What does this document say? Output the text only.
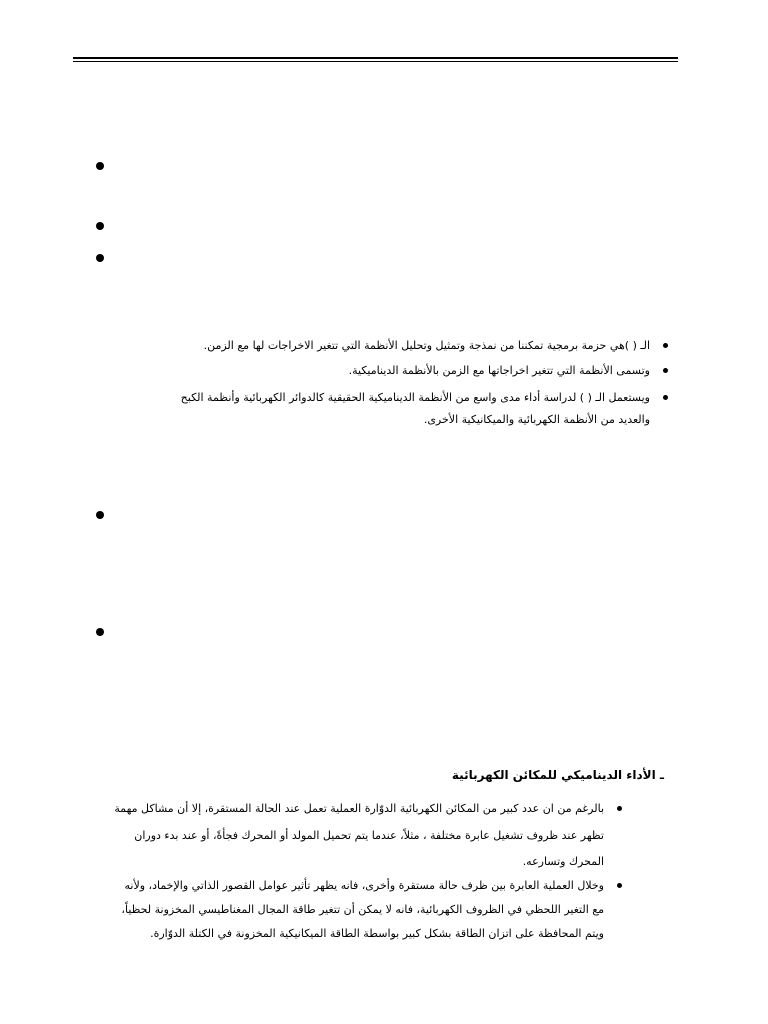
الـ ( )هي حزمة برمجية تمكننا من نمذجة وتمثيل وتحليل الأنظمة التي تتغير الاخراجات لها مع الزمن.
وتسمى الأنظمة التي تتغير اخراجاتها مع الزمن بالأنظمة الديناميكية.
ويستعمل الـ ( ) لدراسة أداء مدى واسع من الأنظمة الديناميكية الحقيقية كالدوائر الكهربائية وأنظمة الكبح
والعديد من الأنظمة الكهربائية والميكانيكية الأخرى.
ـ الأداء الديناميكي للمكائن الكهربائية
بالرغم من ان عدد كبير من المكائن الكهربائية الدوّارة العملية تعمل عند الحالة المستقرة، إلا أن مشاكل مهمة
تظهر عند ظروف تشغيل عابرة مختلفة ، مثلاً، عندما يتم تحميل المولد أو المحرك فجأةً، أو عند بدء دوران
المحرك وتسارعه.
وخلال العملية العابرة بين ظرف حالة مستقرة وأخرى، فانه يظهر تأثير عوامل القصور الذاتي والإخماد، ولأنه
مع التغير اللحظي في الظروف الكهربائية، فانه لا يمكن أن تتغير طاقة المجال المغناطيسي المخزونة لحظياً،
ويتم المحافظة على اتزان الطاقة بشكل كبير بواسطة الطاقة الميكانيكية المخزونة في الكتلة الدوّارة.
